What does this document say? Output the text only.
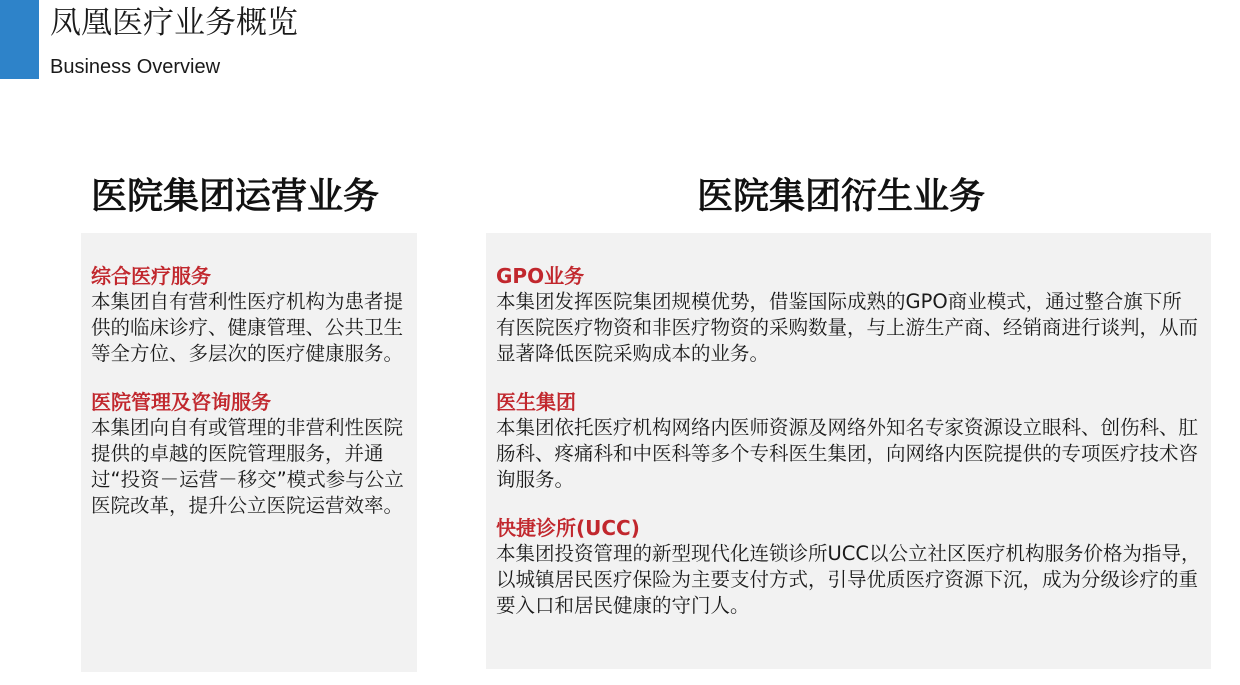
凤凰医疗业务概览
Business Overview
医院集团运营业务	医院集团衍生业务
综合医疗服务
本集团自有营利性医疗机构为患者提供的临床诊疗、健康管理、公共卫生等全方位、多层次的医疗健康服务。
医院管理及咨询服务
本集团向自有或管理的非营利性医院提供的卓越的医院管理服务，并通过“投资－运营－移交”模式参与公立医院改革，提升公立医院运营效率。
GPO业务
本集团发挥医院集团规模优势，借鉴国际成熟的GPO商业模式，通过整合旗下所有医院医疗物资和非医疗物资的采购数量，与上游生产商、经销商进行谈判，从而显著降低医院采购成本的业务。
医生集团
本集团依托医疗机构网络内医师资源及网络外知名专家资源设立眼科、创伤科、肛肠科、疼痛科和中医科等多个专科医生集团，向网络内医院提供的专项医疗技术咨询服务。
快捷诊所(UCC)
本集团投资管理的新型现代化连锁诊所UCC以公立社区医疗机构服务价格为指导，以城镇居民医疗保险为主要支付方式，引导优质医疗资源下沉，成为分级诊疗的重要入口和居民健康的守门人。
